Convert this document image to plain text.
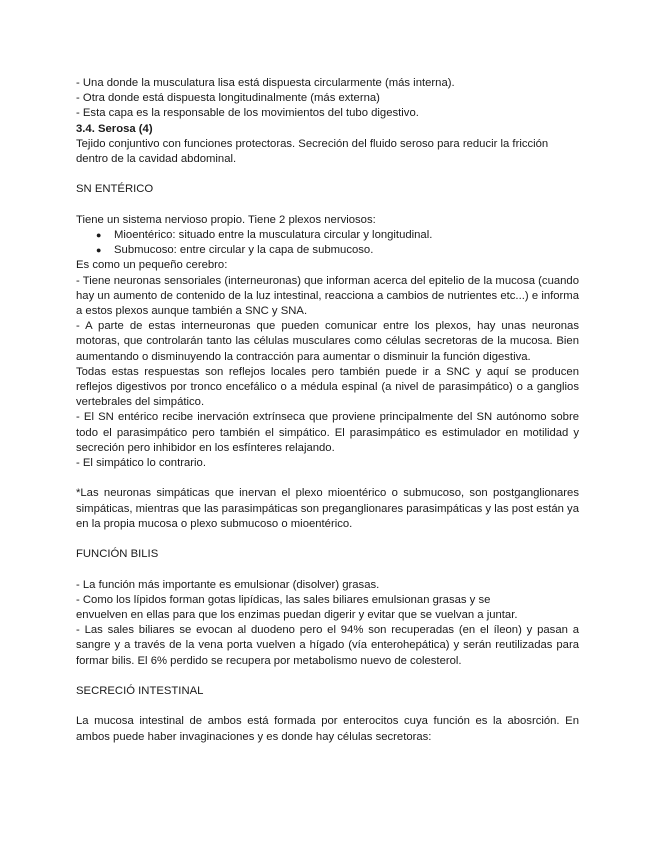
- Una donde la musculatura lisa está dispuesta circularmente (más interna).

- Otra donde está dispuesta longitudinalmente (más externa)

- Esta capa es la responsable de los movimientos del tubo digestivo.

3.4. Serosa (4)

Tejido conjuntivo con funciones protectoras. Secreción del fluido seroso para reducir la fricción dentro de la cavidad abdominal.

SN ENTÉRICO

Tiene un sistema nervioso propio. Tiene 2 plexos nerviosos:

● Mioentérico: situado entre la musculatura circular y longitudinal.
● Submucoso: entre circular y la capa de submucoso.

Es como un pequeño cerebro:

- Tiene neuronas sensoriales (interneuronas) que informan acerca del epitelio de la mucosa (cuando hay un aumento de contenido de la luz intestinal, reacciona a cambios de nutrientes etc...) e informa a estos plexos aunque también a SNC y SNA.

- A parte de estas interneuronas que pueden comunicar entre los plexos, hay unas neuronas motoras, que controlarán tanto las células musculares como células secretoras de la mucosa. Bien aumentando o disminuyendo la contracción para aumentar o disminuir la función digestiva.

Todas estas respuestas son reflejos locales pero también puede ir a SNC y aquí se producen reflejos digestivos por tronco encefálico o a médula espinal (a nivel de parasimpático) o a ganglios vertebrales del simpático.

- El SN entérico recibe inervación extrínseca que proviene principalmente del SN autónomo sobre todo el parasimpático pero también el simpático. El parasimpático es estimulador en motilidad y secreción pero inhibidor en los esfínteres relajando.

- El simpático lo contrario.

*Las neuronas simpáticas que inervan el plexo mioentérico o submucoso, son postganglionares simpáticas, mientras que las parasimpáticas son preganglionares parasimpáticas y las post están ya en la propia mucosa o plexo submucoso o mioentérico.

FUNCIÓN BILIS

- La función más importante es emulsionar (disolver) grasas.

- Como los lípidos forman gotas lipídicas, las sales biliares emulsionan grasas y se

envuelven en ellas para que los enzimas puedan digerir y evitar que se vuelvan a juntar.

- Las sales biliares se evocan al duodeno pero el 94% son recuperadas (en el íleon) y pasan a sangre y a través de la vena porta vuelven a hígado (vía enterohepática) y serán reutilizadas para formar bilis. El 6% perdido se recupera por metabolismo nuevo de colesterol.

SECRECIÓ INTESTINAL

La mucosa intestinal de ambos está formada por enterocitos cuya función es la abosrción. En ambos puede haber invaginaciones y es donde hay células secretoras:
